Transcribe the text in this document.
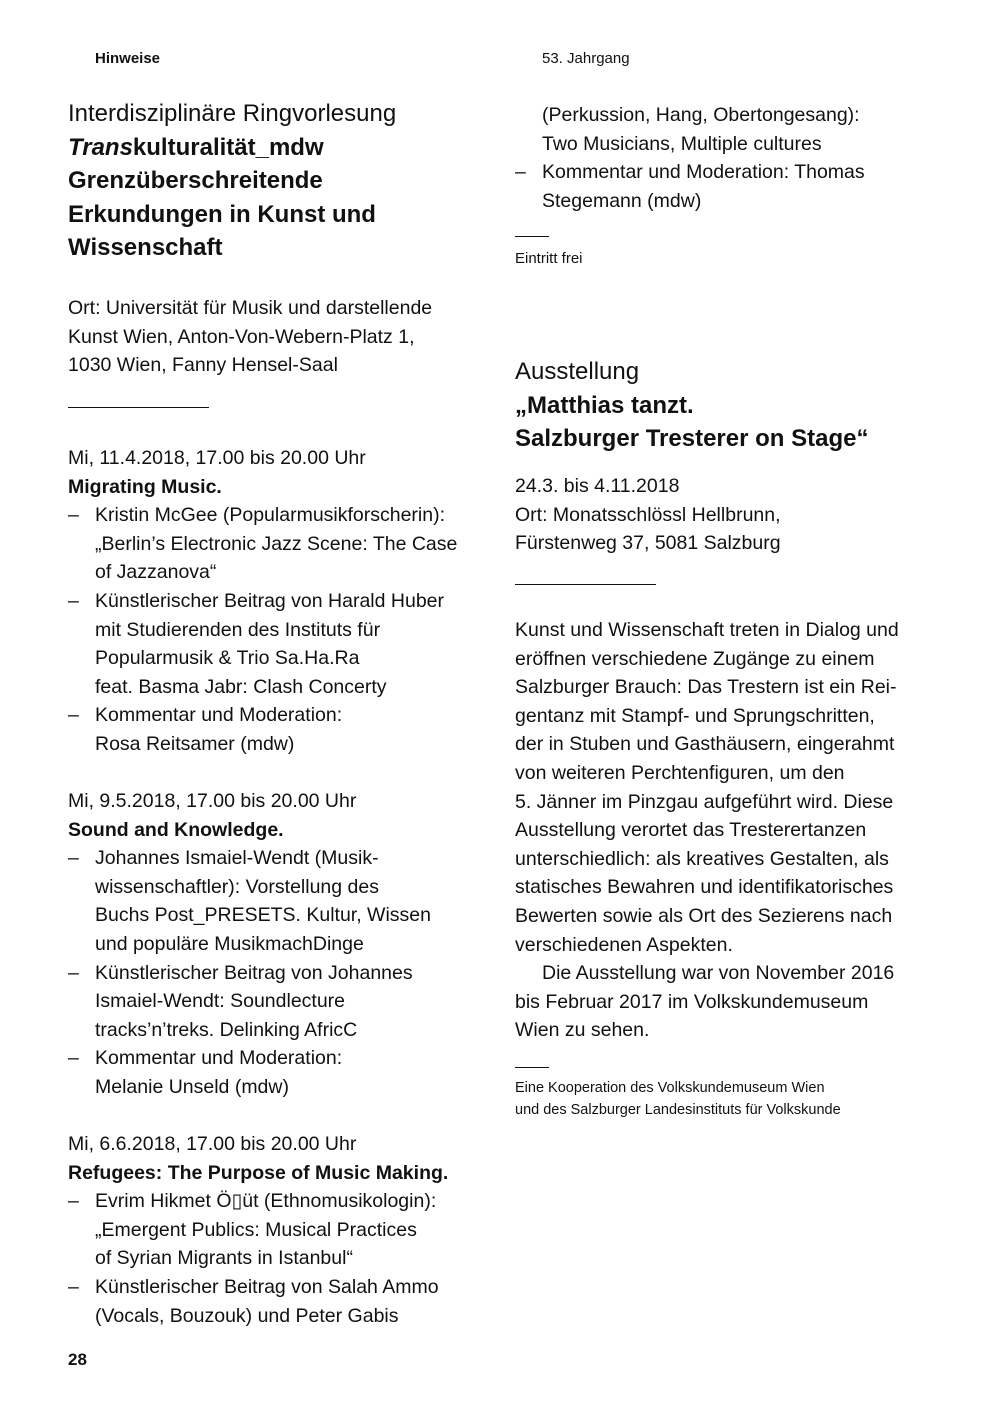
Hinweise	53. Jahrgang
Interdisziplinäre Ringvorlesung
Transkulturalität_mdw
Grenzüberschreitende
Erkundungen in Kunst und
Wissenschaft
Ort: Universität für Musik und darstellende
Kunst Wien, Anton-Von-Webern-Platz 1,
1030 Wien, Fanny Hensel-Saal
Mi, 11.4.2018, 17.00 bis 20.00 Uhr
Migrating Music.
– Kristin McGee (Popularmusikforscherin):
„Berlin’s Electronic Jazz Scene: The Case
of Jazzanova“
– Künstlerischer Beitrag von Harald Huber
mit Studierenden des Instituts für
Popularmusik & Trio Sa.Ha.Ra
feat. Basma Jabr: Clash Concerty
– Kommentar und Moderation:
Rosa Reitsamer (mdw)
Mi, 9.5.2018, 17.00 bis 20.00 Uhr
Sound and Knowledge.
– Johannes Ismaiel-Wendt (Musik-
wissenschaftler): Vorstellung des
Buchs Post_PRESETS. Kultur, Wissen
und populäre MusikmachDinge
– Künstlerischer Beitrag von Johannes
Ismaiel-Wendt: Soundlecture
tracks’n’treks. Delinking AfricC
– Kommentar und Moderation:
Melanie Unseld (mdw)
Mi, 6.6.2018, 17.00 bis 20.00 Uhr
Refugees: The Purpose of Music Making.
– Evrim Hikmet Ö▯üt (Ethnomusikologin):
„Emergent Publics: Musical Practices
of Syrian Migrants in Istanbul“
– Künstlerischer Beitrag von Salah Ammo
(Vocals, Bouzouk) und Peter Gabis
28
(Perkussion, Hang, Obertongesang):
Two Musicians, Multiple cultures
– Kommentar und Moderation: Thomas
Stegemann (mdw)
Eintritt frei
Ausstellung
„Matthias tanzt.
Salzburger Tresterer on Stage“
24.3. bis 4.11.2018
Ort: Monatsschlössl Hellbrunn,
Fürstenweg 37, 5081 Salzburg
Kunst und Wissenschaft treten in Dialog und
eröffnen verschiedene Zugänge zu einem
Salzburger Brauch: Das Trestern ist ein Rei-
gentanz mit Stampf- und Sprungschritten,
der in Stuben und Gasthäusern, eingerahmt
von weiteren Perchtenfiguren, um den
5. Jänner im Pinzgau aufgeführt wird. Diese
Ausstellung verortet das Tresterertanzen
unterschiedlich: als kreatives Gestalten, als
statisches Bewahren und identifikatorisches
Bewerten sowie als Ort des Sezierens nach
verschiedenen Aspekten.
Die Ausstellung war von November 2016
bis Februar 2017 im Volkskundemuseum
Wien zu sehen.
Eine Kooperation des Volkskundemuseum Wien
und des Salzburger Landesinstituts für Volkskunde
